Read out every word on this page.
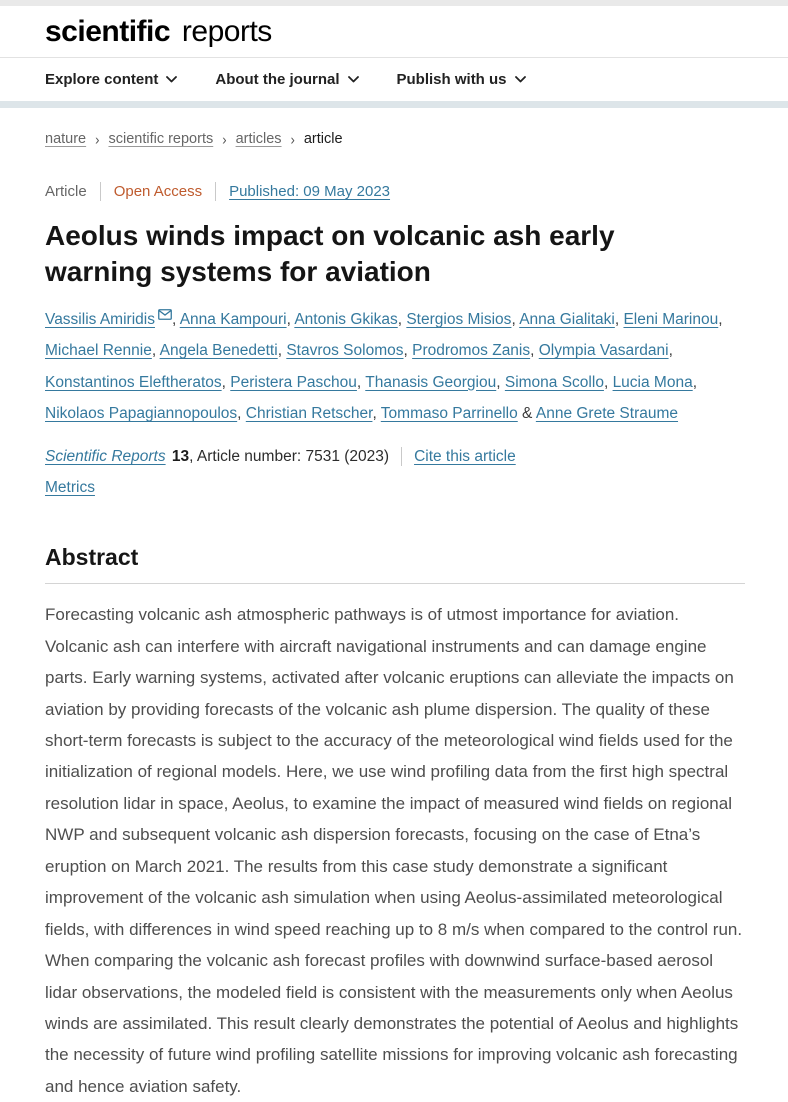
scientific reports
Explore content	About the journal	Publish with us
nature › scientific reports › articles › article
Article Open Access Published: 09 May 2023
Aeolus winds impact on volcanic ash early warning systems for aviation

Vassilis Amiridis , Anna Kampouri, Antonis Gkikas, Stergios Misios, Anna Gialitaki, Eleni Marinou, Michael Rennie, Angela Benedetti, Stavros Solomos, Prodromos Zanis, Olympia Vasardani, Konstantinos Eleftheratos, Peristera Paschou, Thanasis Georgiou, Simona Scollo, Lucia Mona, Nikolaos Papagiannopoulos, Christian Retscher, Tommaso Parrinello & Anne Grete Straume

Scientific Reports 13, Article number: 7531 (2023) Cite this article
Metrics
Abstract

Forecasting volcanic ash atmospheric pathways is of utmost importance for aviation. Volcanic ash can interfere with aircraft navigational instruments and can damage engine parts. Early warning systems, activated after volcanic eruptions can alleviate the impacts on aviation by providing forecasts of the volcanic ash plume dispersion. The quality of these short-term forecasts is subject to the accuracy of the meteorological wind fields used for the initialization of regional models. Here, we use wind profiling data from the first high spectral resolution lidar in space, Aeolus, to examine the impact of measured wind fields on regional NWP and subsequent volcanic ash dispersion forecasts, focusing on the case of Etna’s eruption on March 2021. The results from this case study demonstrate a significant improvement of the volcanic ash simulation when using Aeolus-assimilated meteorological fields, with differences in wind speed reaching up to 8 m/s when compared to the control run. When comparing the volcanic ash forecast profiles with downwind surface-based aerosol lidar observations, the modeled field is consistent with the measurements only when Aeolus winds are assimilated. This result clearly demonstrates the potential of Aeolus and highlights the necessity of future wind profiling satellite missions for improving volcanic ash forecasting and hence aviation safety.
